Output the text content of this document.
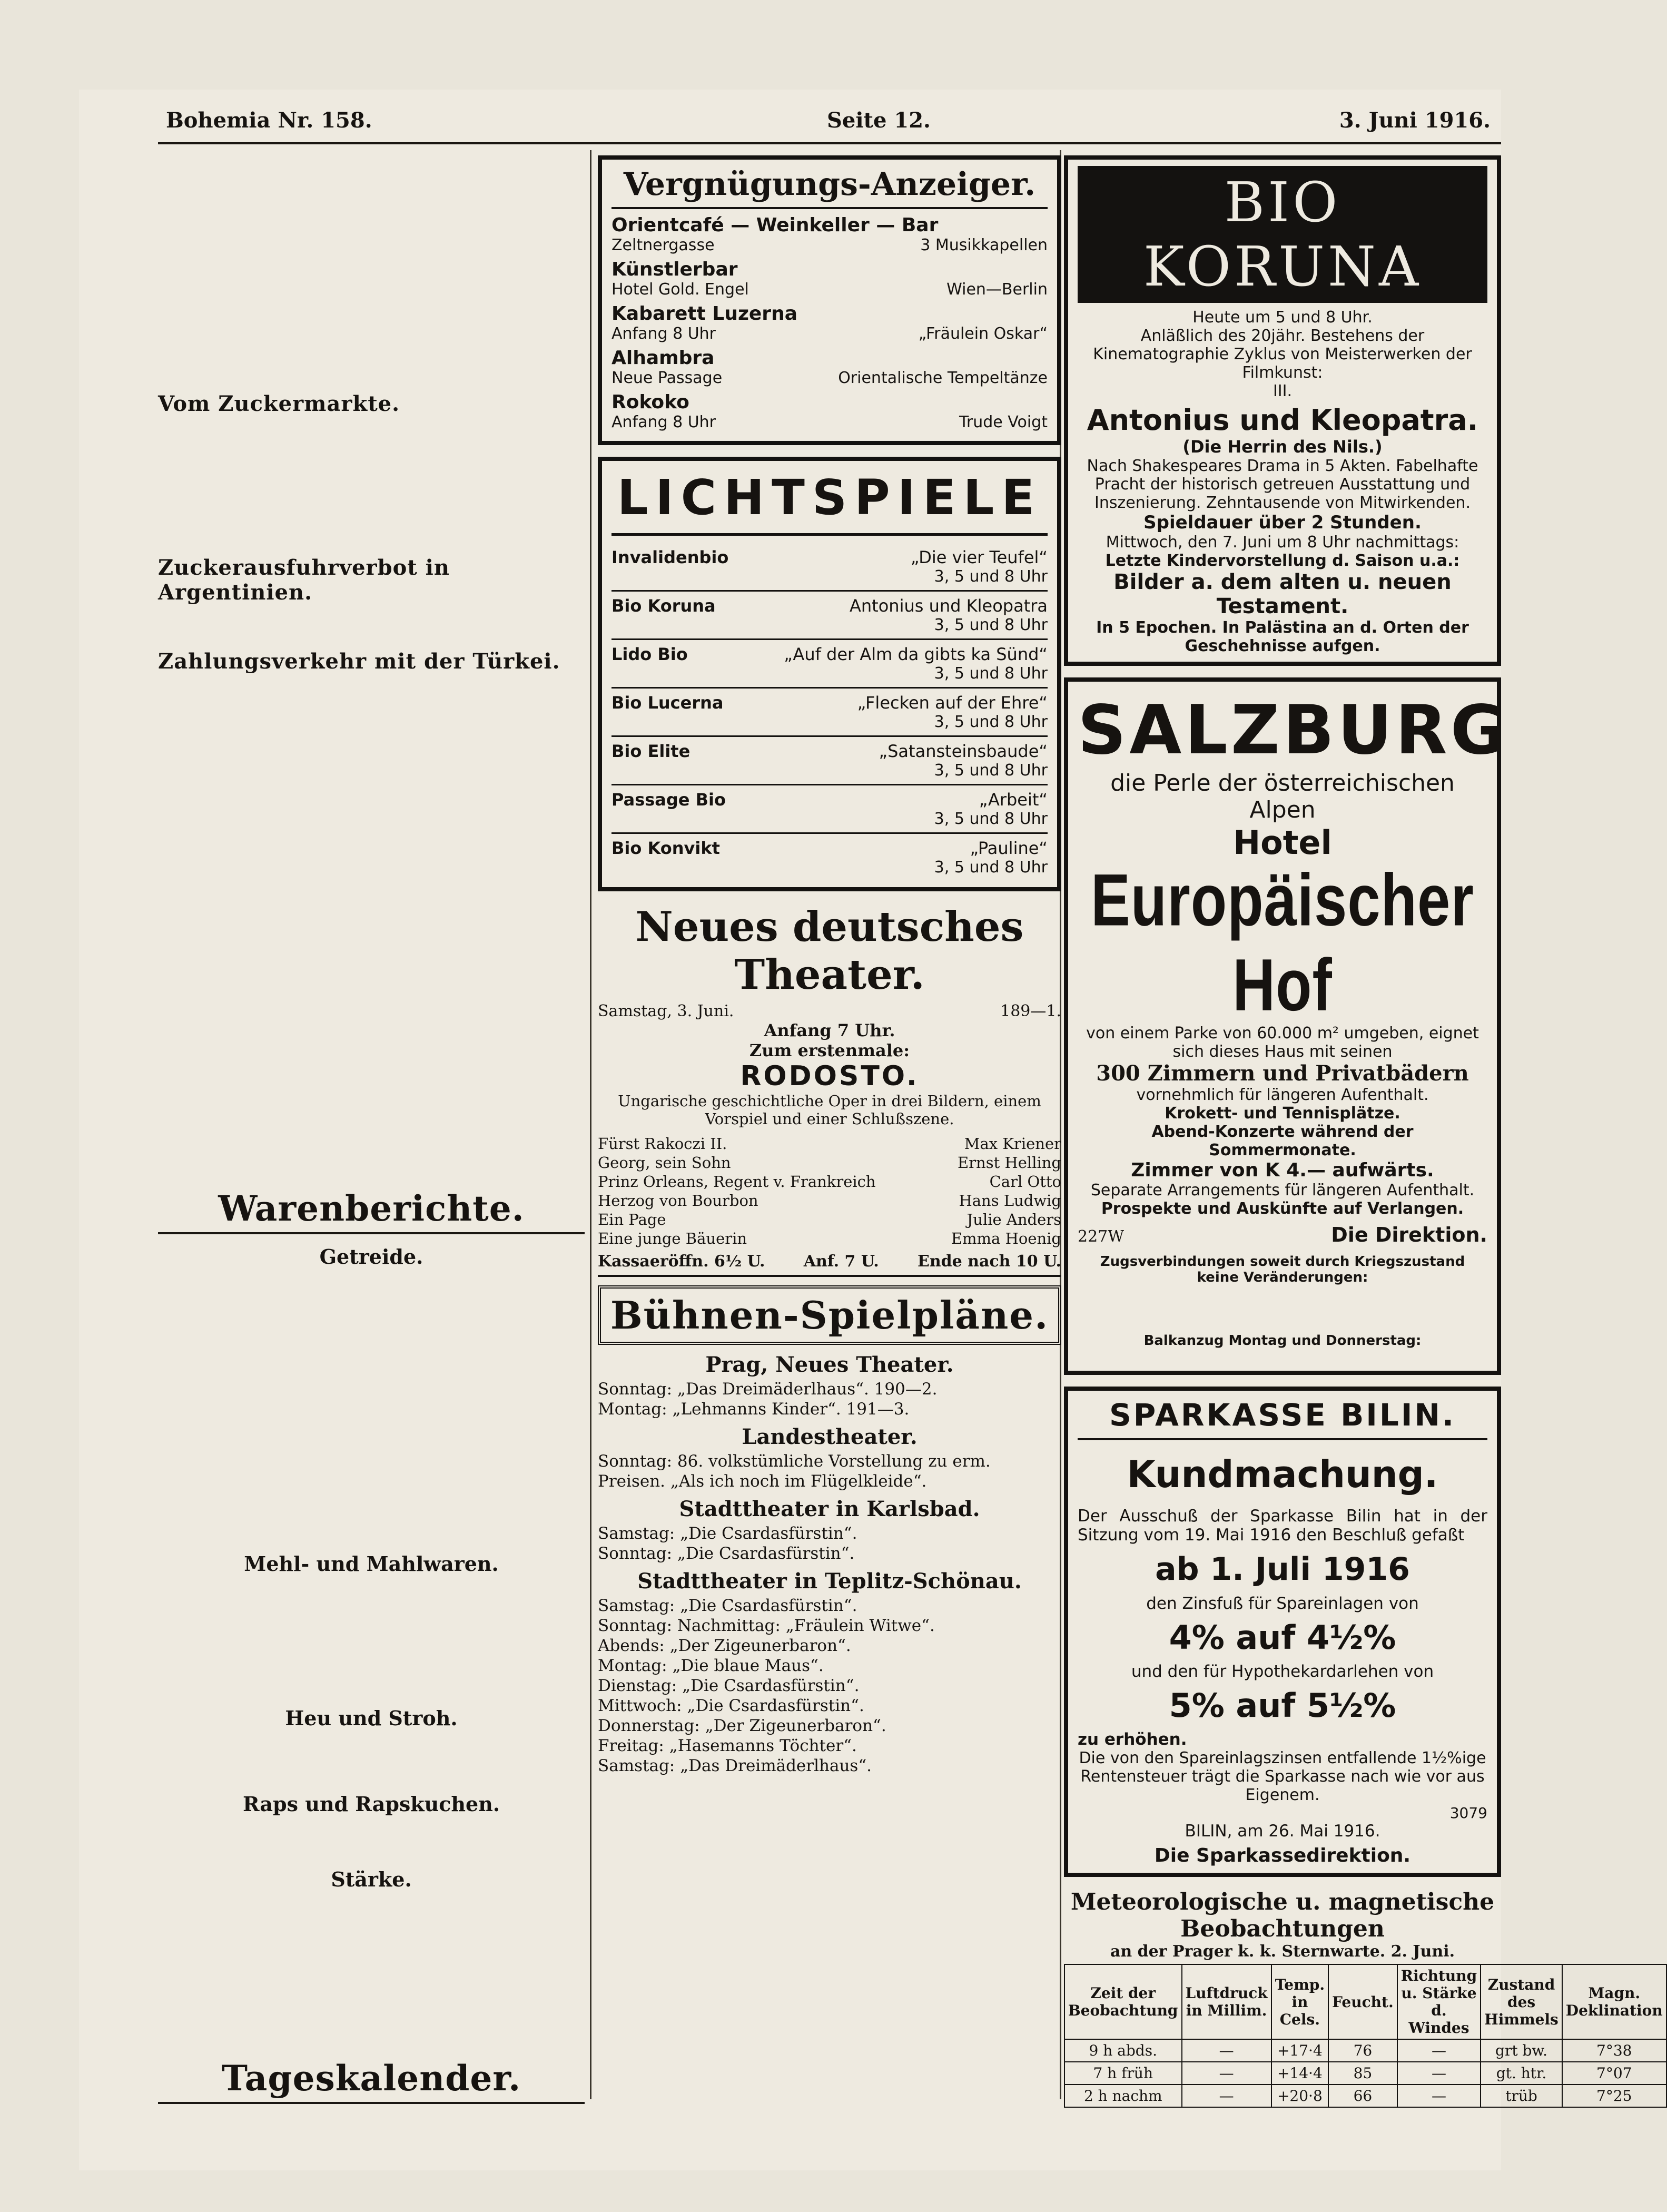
Bohemia Nr. 158.	Seite 12.	3. Juni 1916.
Vom Zuckermarkte.
Zuckerausfuhrverbot in Argentinien.
Zahlungsverkehr mit der Türkei.
Warenberichte.
Getreide.
Mehl- und Mahlwaren.
Heu und Stroh.
Raps und Rapskuchen.
Stärke.
Tageskalender.
Vergnügungs-Anzeiger.
Orientcafé — Weinkeller — Bar
Zeltnergasse	3 Musikkapellen
Künstlerbar
Hotel Gold. Engel	Wien—Berlin
Kabarett Luzerna
Anfang 8 Uhr	„Fräulein Oskar“
Alhambra
Neue Passage	Orientalische Tempeltänze
Rokoko
Anfang 8 Uhr	Trude Voigt
LICHTSPIELE
Invalidenbio	„Die vier Teufel“
3, 5 und 8 Uhr
Bio Koruna	Antonius und Kleopatra
3, 5 und 8 Uhr
Lido Bio	„Auf der Alm da gibts ka Sünd“
3, 5 und 8 Uhr
Bio Lucerna	„Flecken auf der Ehre“
3, 5 und 8 Uhr
Bio Elite	„Satansteinsbaude“
3, 5 und 8 Uhr
Passage Bio	„Arbeit“
3, 5 und 8 Uhr
Bio Konvikt	„Pauline“
3, 5 und 8 Uhr
Neues deutsches Theater.
Samstag, 3. Juni.	189—1.
Anfang 7 Uhr.
Zum erstenmale:
RODOSTO.
Ungarische geschichtliche Oper in drei Bildern, einem Vorspiel und einer Schlußszene.
Fürst Rakoczi II.	Max Kriener
Georg, sein Sohn	Ernst Helling
Prinz Orleans, Regent v. Frankreich	Carl Otto
Herzog von Bourbon	Hans Ludwig
Ein Page	Julie Anders
Eine junge Bäuerin	Emma Hoenig
Kassaeröffn. 6½ U. Anf. 7 U. Ende nach 10 U.
Bühnen-Spielpläne.
Prag, Neues Theater.
Sonntag: „Das Dreimäderlhaus“. 190—2.
Montag: „Lehmanns Kinder“. 191—3.
Landestheater.
Sonntag: 86. volkstümliche Vorstellung zu erm. Preisen. „Als ich noch im Flügelkleide“.
Stadttheater in Karlsbad.
Samstag: „Die Csardasfürstin“.
Sonntag: „Die Csardasfürstin“.
Stadttheater in Teplitz-Schönau.
Samstag: „Die Csardasfürstin“.
Sonntag: Nachmittag: „Fräulein Witwe“.
Abends: „Der Zigeunerbaron“.
Montag: „Die blaue Maus“.
Dienstag: „Die Csardasfürstin“.
Mittwoch: „Die Csardasfürstin“.
Donnerstag: „Der Zigeunerbaron“.
Freitag: „Hasemanns Töchter“.
Samstag: „Das Dreimäderlhaus“.
BIO KORUNA
Heute um 5 und 8 Uhr.
Anläßlich des 20jähr. Bestehens der Kinematographie Zyklus von Meisterwerken der Filmkunst:
III.
Antonius und Kleopatra.
(Die Herrin des Nils.)
Nach Shakespeares Drama in 5 Akten. Fabelhafte Pracht der historisch getreuen Ausstattung und Inszenierung. Zehntausende von Mitwirkenden.
Spieldauer über 2 Stunden.
Mittwoch, den 7. Juni um 8 Uhr nachmittags:
Letzte Kindervorstellung d. Saison u.a.:
Bilder a. dem alten u. neuen Testament.
In 5 Epochen. In Palästina an d. Orten der Geschehnisse aufgen.
SALZBURG
die Perle der österreichischen Alpen
Hotel
Europäischer Hof
von einem Parke von 60.000 m² umgeben, eignet sich dieses Haus mit seinen
300 Zimmern und Privatbädern
vornehmlich für längeren Aufenthalt.
Krokett- und Tennisplätze.
Abend-Konzerte während der Sommermonate.
Zimmer von K 4.— aufwärts.
Separate Arrangements für längeren Aufenthalt.
Prospekte und Auskünfte auf Verlangen.
227W	Die Direktion.
Zugsverbindungen soweit durch Kriegszustand keine Veränderungen:
Balkanzug Montag und Donnerstag:
SPARKASSE BILIN.
Kundmachung.
Der Ausschuß der Sparkasse Bilin hat in der Sitzung vom 19. Mai 1916 den Beschluß gefaßt
ab 1. Juli 1916
den Zinsfuß für Spareinlagen von
4% auf 4½%
und den für Hypothekardarlehen von
5% auf 5½%
zu erhöhen.
Die von den Spareinlagszinsen entfallende 1½%ige Rentensteuer trägt die Sparkasse nach wie vor aus Eigenem.
3079
BILIN, am 26. Mai 1916.
Die Sparkassedirektion.
Meteorologische u. magnetische Beobachtungen
an der Prager k. k. Sternwarte. 2. Juni.
Zeit der Beobachtung	Luftdruck in Millim.	Temp. in Cels.	Feucht.	Richtung u. Stärke d. Windes	Zustand des Himmels	Magn. Deklination
9 h abds.	—	+17·4	76	—	grt bw.	7°38
7 h früh	—	+14·4	85	—	gt. htr.	7°07
2 h nachm	—	+20·8	66	—	trüb	7°25
